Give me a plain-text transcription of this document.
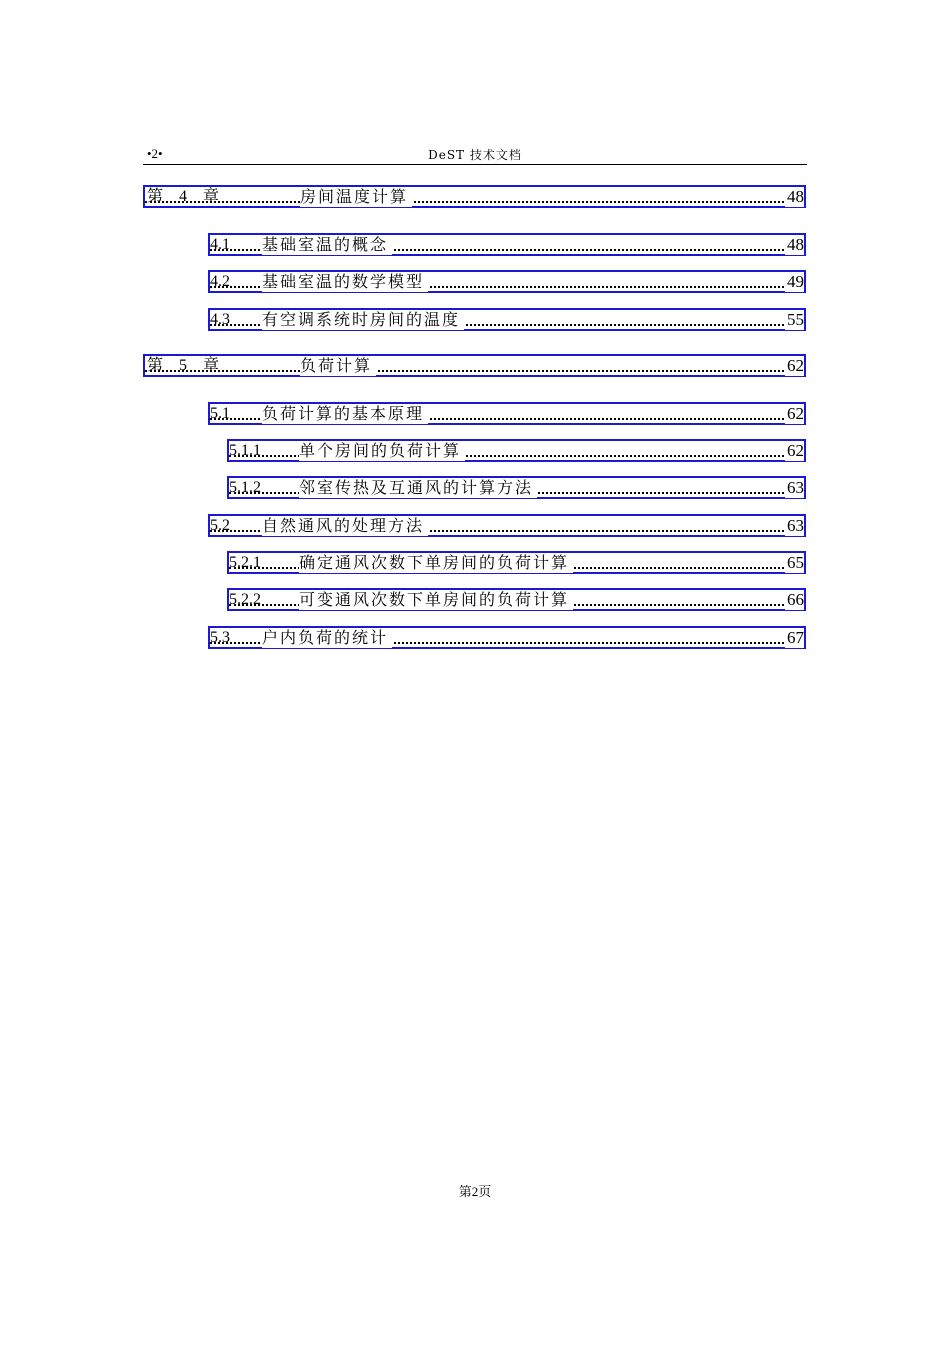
•2•	DeST 技术文档
第 4 章	房间温度计算	48
4.1 基础室温的概念	48
4.2 基础室温的数学模型	49
4.3 有空调系统时房间的温度	55
第 5 章	负荷计算	62
5.1 负荷计算的基本原理	62
5.1.1 单个房间的负荷计算	62
5.1.2 邻室传热及互通风的计算方法	63
5.2 自然通风的处理方法	63
5.2.1 确定通风次数下单房间的负荷计算	65
5.2.2 可变通风次数下单房间的负荷计算	66
5.3 户内负荷的统计	67
第2页
